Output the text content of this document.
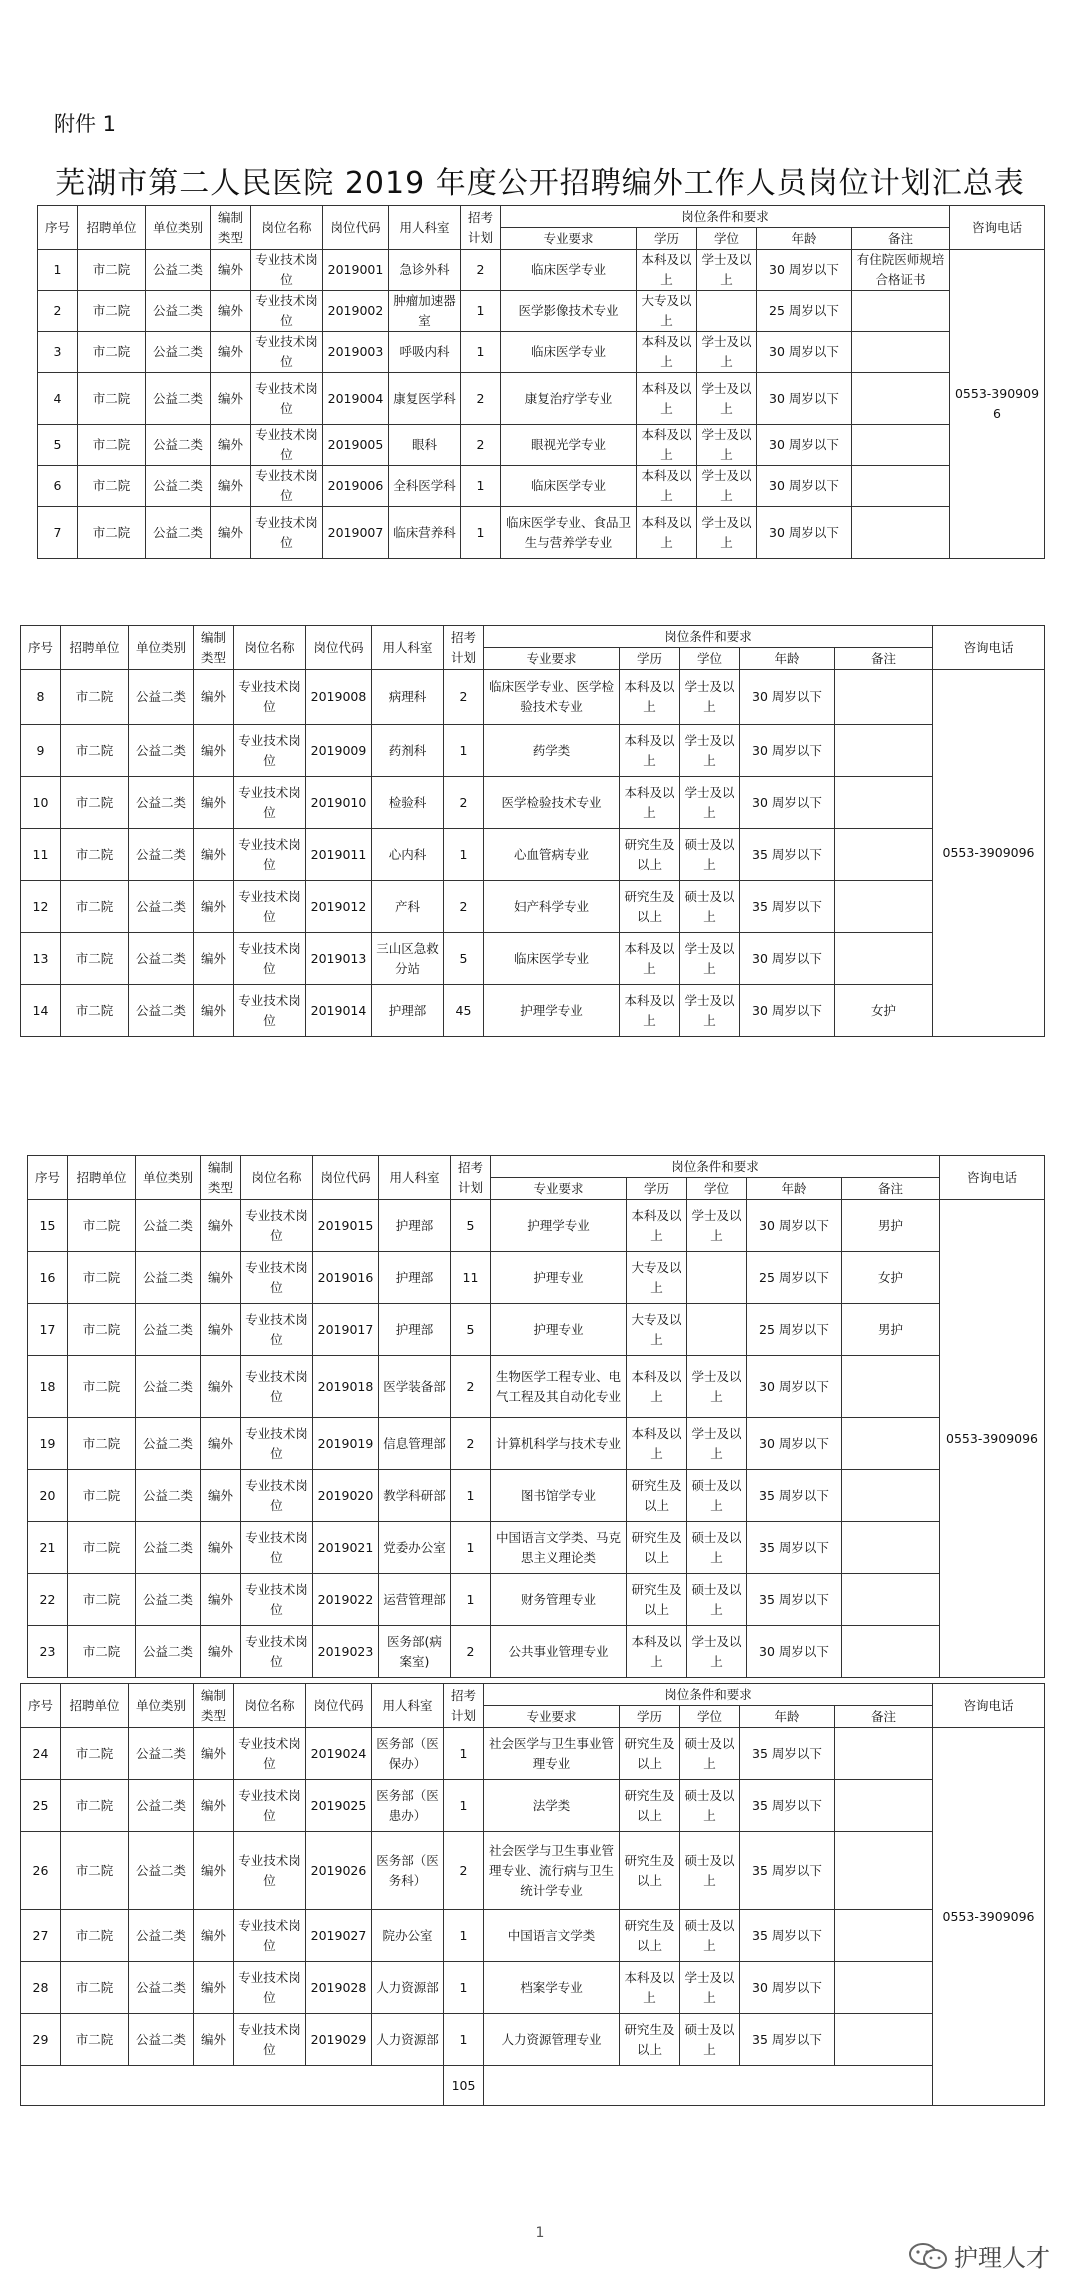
附件 1
芜湖市第二人民医院 2019 年度公开招聘编外工作人员岗位计划汇总表
序号	招聘单位	单位类别	编制类型	岗位名称	岗位代码	用人科室	招考计划	岗位条件和要求					咨询电话
								专业要求	学历	学位	年龄	备注	
1	市二院	公益二类	编外	专业技术岗位	2019001	急诊外科	2	临床医学专业	本科及以上	学士及以上	30 周岁以下	有住院医师规培合格证书	0553-3909096
2	市二院	公益二类	编外	专业技术岗位	2019002	肿瘤加速器室	1	医学影像技术专业	大专及以上		25 周岁以下		
3	市二院	公益二类	编外	专业技术岗位	2019003	呼吸内科	1	临床医学专业	本科及以上	学士及以上	30 周岁以下		
4	市二院	公益二类	编外	专业技术岗位	2019004	康复医学科	2	康复治疗学专业	本科及以上	学士及以上	30 周岁以下		
5	市二院	公益二类	编外	专业技术岗位	2019005	眼科	2	眼视光学专业	本科及以上	学士及以上	30 周岁以下		
6	市二院	公益二类	编外	专业技术岗位	2019006	全科医学科	1	临床医学专业	本科及以上	学士及以上	30 周岁以下		
7	市二院	公益二类	编外	专业技术岗位	2019007	临床营养科	1	临床医学专业、食品卫生与营养学专业	本科及以上	学士及以上	30 周岁以下		
序号	招聘单位	单位类别	编制类型	岗位名称	岗位代码	用人科室	招考计划	岗位条件和要求					咨询电话
								专业要求	学历	学位	年龄	备注	
8	市二院	公益二类	编外	专业技术岗位	2019008	病理科	2	临床医学专业、医学检验技术专业	本科及以上	学士及以上	30 周岁以下		0553-3909096
9	市二院	公益二类	编外	专业技术岗位	2019009	药剂科	1	药学类	本科及以上	学士及以上	30 周岁以下		
10	市二院	公益二类	编外	专业技术岗位	2019010	检验科	2	医学检验技术专业	本科及以上	学士及以上	30 周岁以下		
11	市二院	公益二类	编外	专业技术岗位	2019011	心内科	1	心血管病专业	研究生及以上	硕士及以上	35 周岁以下		
12	市二院	公益二类	编外	专业技术岗位	2019012	产科	2	妇产科学专业	研究生及以上	硕士及以上	35 周岁以下		
13	市二院	公益二类	编外	专业技术岗位	2019013	三山区急救分站	5	临床医学专业	本科及以上	学士及以上	30 周岁以下		
14	市二院	公益二类	编外	专业技术岗位	2019014	护理部	45	护理学专业	本科及以上	学士及以上	30 周岁以下	女护	
序号	招聘单位	单位类别	编制类型	岗位名称	岗位代码	用人科室	招考计划	岗位条件和要求					咨询电话
								专业要求	学历	学位	年龄	备注	
15	市二院	公益二类	编外	专业技术岗位	2019015	护理部	5	护理学专业	本科及以上	学士及以上	30 周岁以下	男护	0553-3909096
16	市二院	公益二类	编外	专业技术岗位	2019016	护理部	11	护理专业	大专及以上		25 周岁以下	女护	
17	市二院	公益二类	编外	专业技术岗位	2019017	护理部	5	护理专业	大专及以上		25 周岁以下	男护	
18	市二院	公益二类	编外	专业技术岗位	2019018	医学装备部	2	生物医学工程专业、电气工程及其自动化专业	本科及以上	学士及以上	30 周岁以下		
19	市二院	公益二类	编外	专业技术岗位	2019019	信息管理部	2	计算机科学与技术专业	本科及以上	学士及以上	30 周岁以下		
20	市二院	公益二类	编外	专业技术岗位	2019020	教学科研部	1	图书馆学专业	研究生及以上	硕士及以上	35 周岁以下		
21	市二院	公益二类	编外	专业技术岗位	2019021	党委办公室	1	中国语言文学类、马克思主义理论类	研究生及以上	硕士及以上	35 周岁以下		
22	市二院	公益二类	编外	专业技术岗位	2019022	运营管理部	1	财务管理专业	研究生及以上	硕士及以上	35 周岁以下		
23	市二院	公益二类	编外	专业技术岗位	2019023	医务部(病案室)	2	公共事业管理专业	本科及以上	学士及以上	30 周岁以下		
序号	招聘单位	单位类别	编制类型	岗位名称	岗位代码	用人科室	招考计划	岗位条件和要求					咨询电话
								专业要求	学历	学位	年龄	备注	
24	市二院	公益二类	编外	专业技术岗位	2019024	医务部（医保办）	1	社会医学与卫生事业管理专业	研究生及以上	硕士及以上	35 周岁以下		0553-3909096
25	市二院	公益二类	编外	专业技术岗位	2019025	医务部（医患办）	1	法学类	研究生及以上	硕士及以上	35 周岁以下		
26	市二院	公益二类	编外	专业技术岗位	2019026	医务部（医务科）	2	社会医学与卫生事业管理专业、流行病与卫生统计学专业	研究生及以上	硕士及以上	35 周岁以下		
27	市二院	公益二类	编外	专业技术岗位	2019027	院办公室	1	中国语言文学类	研究生及以上	硕士及以上	35 周岁以下		
28	市二院	公益二类	编外	专业技术岗位	2019028	人力资源部	1	档案学专业	本科及以上	学士及以上	30 周岁以下		
29	市二院	公益二类	编外	专业技术岗位	2019029	人力资源部	1	人力资源管理专业	研究生及以上	硕士及以上	35 周岁以下		
							105						
1
护理人才
